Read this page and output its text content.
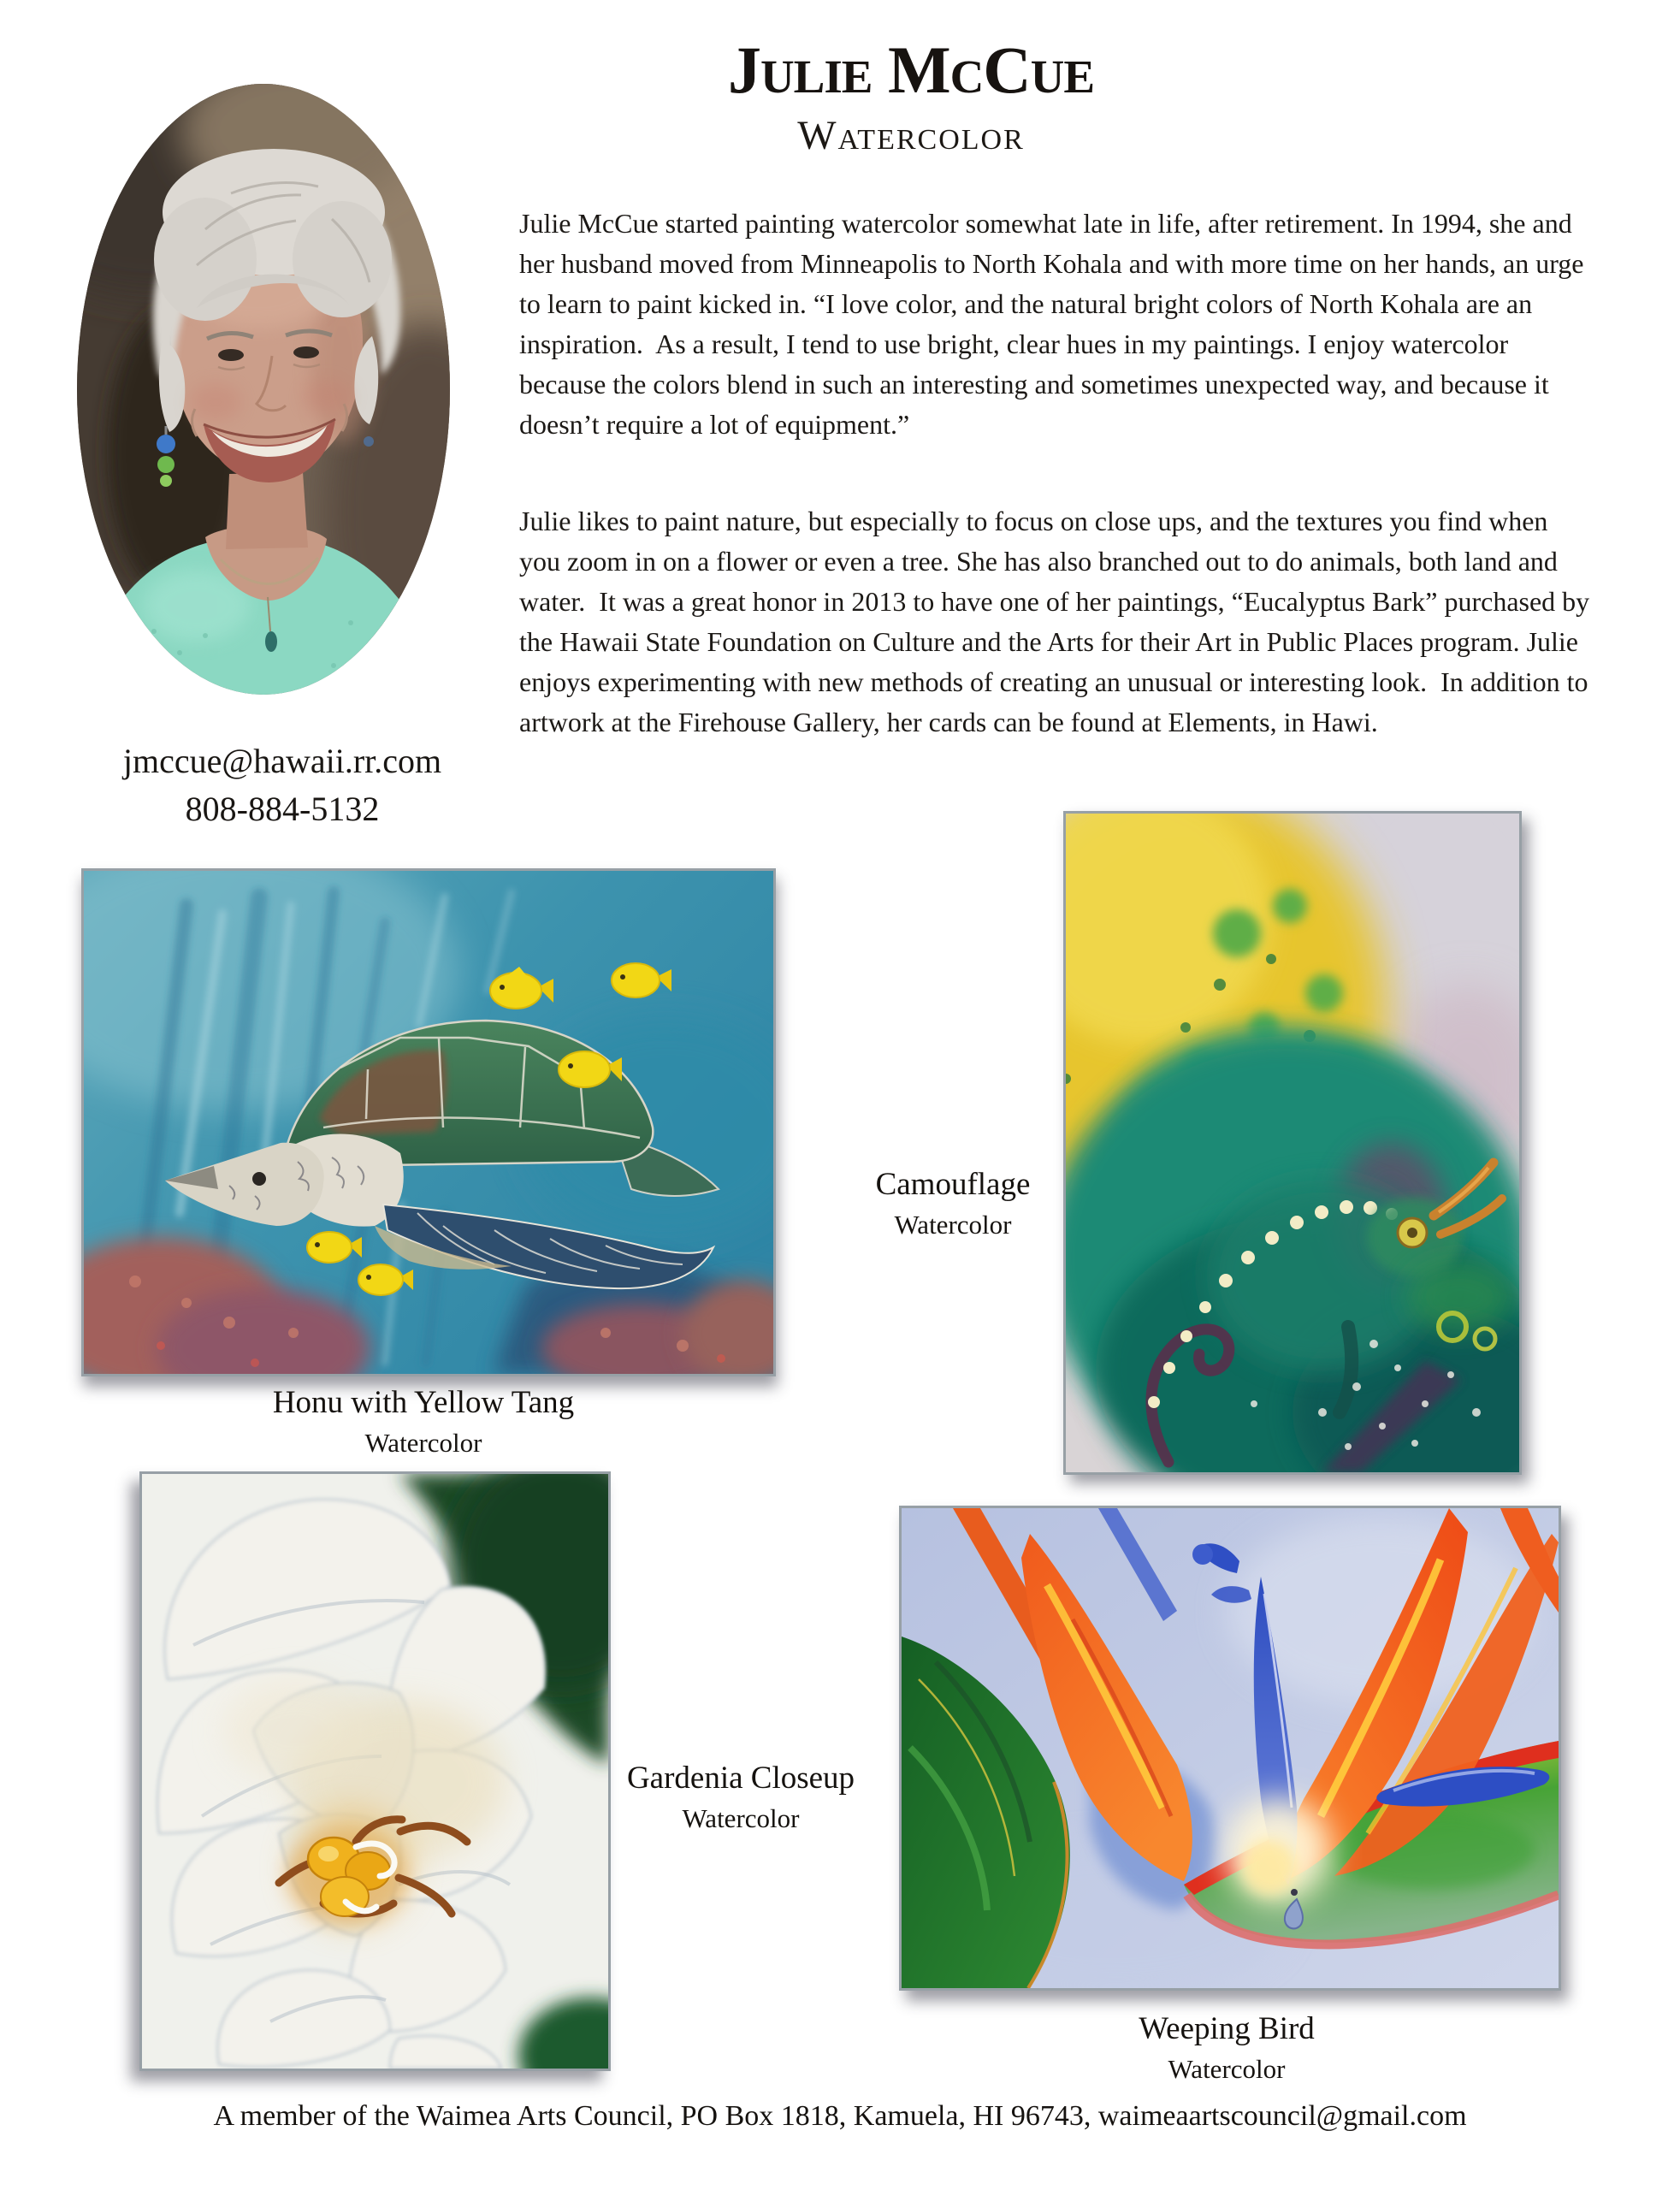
Julie McCue
Watercolor
jmccue@hawaii.rr.com
808-884-5132
Julie McCue started painting watercolor somewhat late in life, after retirement. In 1994, she and her husband moved from Minneapolis to North Kohala and with more time on her hands, an urge to learn to paint kicked in. “I love color, and the natural bright colors of North Kohala are an inspiration.  As a result, I tend to use bright, clear hues in my paintings. I enjoy watercolor because the colors blend in such an interesting and sometimes unexpected way, and because it doesn’t require a lot of equipment.”
Julie likes to paint nature, but especially to focus on close ups, and the textures you find when you zoom in on a flower or even a tree. She has also branched out to do animals, both land and water.  It was a great honor in 2013 to have one of her paintings, “Eucalyptus Bark” purchased by the Hawaii State Foundation on Culture and the Arts for their Art in Public Places program. Julie enjoys experimenting with new methods of creating an unusual or interesting look.  In addition to artwork at the Firehouse Gallery, her cards can be found at Elements, in Hawi.
Honu with Yellow Tang
Watercolor
Camouflage
Watercolor
Gardenia Closeup
Watercolor
Weeping Bird
Watercolor
A member of the Waimea Arts Council, PO Box 1818, Kamuela, HI 96743, waimeaartscouncil@gmail.com
